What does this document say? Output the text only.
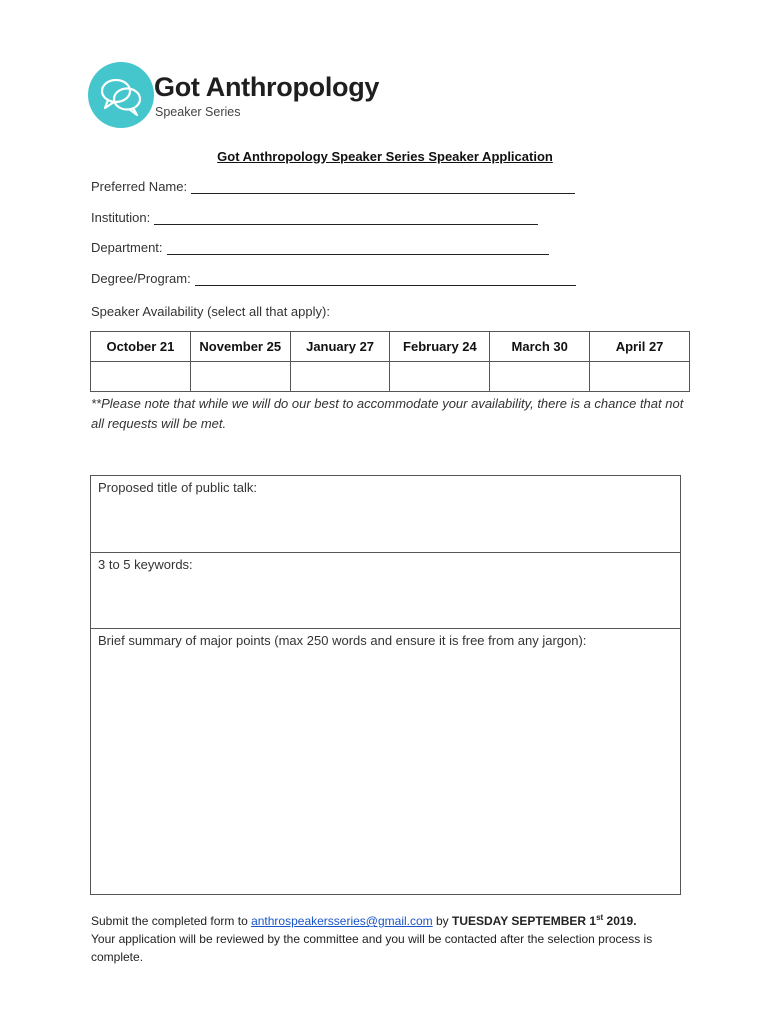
Got Anthropology
Speaker Series
Got Anthropology Speaker Series Speaker Application
Preferred Name:
Institution:
Department:
Degree/Program:
Speaker Availability (select all that apply):
October 21	November 25	January 27	February 24	March 30	April 27

**Please note that while we will do our best to accommodate your availability, there is a chance that not all requests will be met.
Proposed title of public talk:
3 to 5 keywords:
Brief summary of major points (max 250 words and ensure it is free from any jargon):
Submit the completed form to anthrospeakersseries@gmail.com by TUESDAY SEPTEMBER 1st 2019.
Your application will be reviewed by the committee and you will be contacted after the selection process is complete.
